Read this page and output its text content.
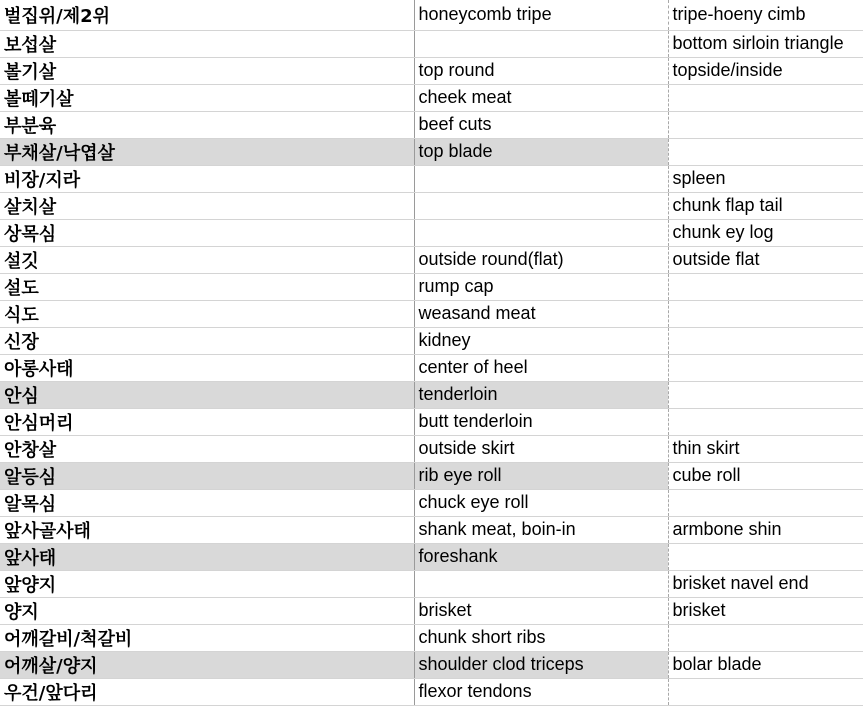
벌집위/제2위	honeycomb tripe	tripe-hoeny cimb
보섭살		bottom sirloin triangle
볼기살	top round	topside/inside
볼떼기살	cheek meat	
부분육	beef cuts	
부채살/낙엽살	top blade	
비장/지라		spleen
살치살		chunk flap tail
상목심		chunk ey log
설깃	outside round(flat)	outside flat
설도	rump cap	
식도	weasand meat	
신장	kidney	
아롱사태	center of heel	
안심	tenderloin	
안심머리	butt tenderloin	
안창살	outside skirt	thin skirt
알등심	rib eye roll	cube roll
알목심	chuck eye roll	
앞사골사태	shank meat, boin-in	armbone shin
앞사태	foreshank	
앞양지		brisket navel end
양지	brisket	brisket
어깨갈비/척갈비	chunk short ribs	
어깨살/양지	shoulder clod triceps	bolar blade
우건/앞다리	flexor tendons	
